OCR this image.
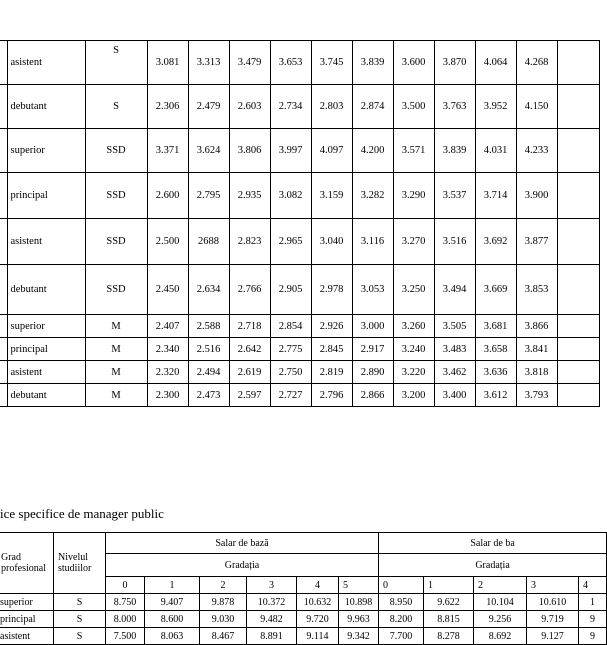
	asistent	S	3.081	3.313	3.479	3.653	3.745	3.839	3.600	3.870	4.064	4.268	
	debutant	S	2.306	2.479	2.603	2.734	2.803	2.874	3.500	3.763	3.952	4.150	
	superior	SSD	3.371	3.624	3.806	3.997	4.097	4.200	3.571	3.839	4.031	4.233	
	principal	SSD	2.600	2.795	2.935	3.082	3.159	3.282	3.290	3.537	3.714	3.900	
	asistent	SSD	2.500	2688	2.823	2.965	3.040	3.116	3.270	3.516	3.692	3.877	
	debutant	SSD	2.450	2.634	2.766	2.905	2.978	3.053	3.250	3.494	3.669	3.853	
	superior	M	2.407	2.588	2.718	2.854	2.926	3.000	3.260	3.505	3.681	3.866	
	principal	M	2.340	2.516	2.642	2.775	2.845	2.917	3.240	3.483	3.658	3.841	
	asistent	M	2.320	2.494	2.619	2.750	2.819	2.890	3.220	3.462	3.636	3.818	
	debutant	M	2.300	2.473	2.597	2.727	2.796	2.866	3.200	3.400	3.612	3.793	
ice specifice de manager public
Grad profesional	Nivelul studiilor	Salar de bază						Salar de ba				
		Gradația						Gradația				
		0	1	2	3	4	5	0	1	2	3	4
superior	S	8.750	9.407	9.878	10.372	10.632	10.898	8.950	9.622	10.104	10.610	1
principal	S	8.000	8.600	9.030	9.482	9.720	9.963	8.200	8.815	9.256	9.719	9
asistent	S	7.500	8.063	8.467	8.891	9.114	9.342	7.700	8.278	8.692	9.127	9
